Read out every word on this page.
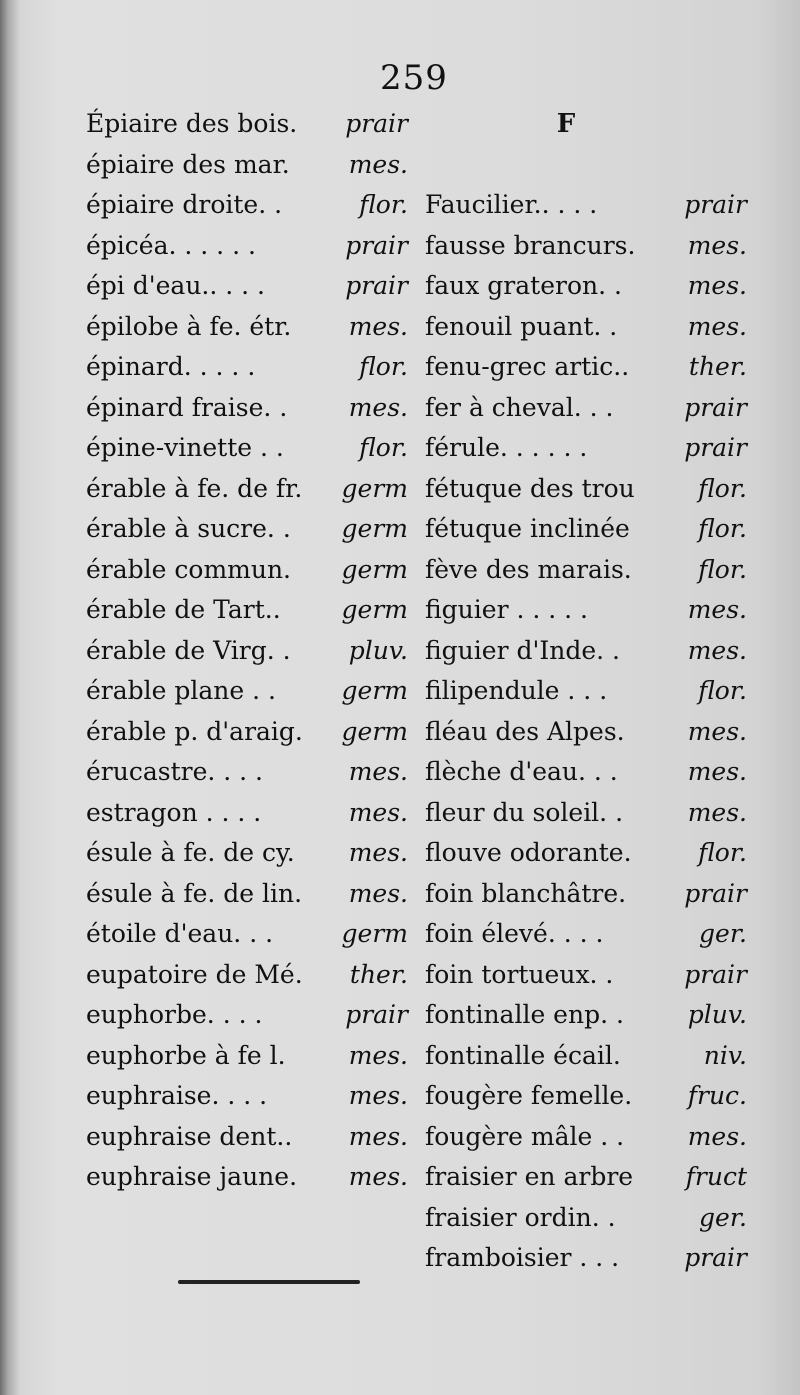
259
Épiaire des bois. prair
épiaire des mar. mes.
épiaire droite. .	flor.
épicéa. . . . . .	prair
épi d'eau.. . . .	prair
épilobe à fe. étr. mes.
épinard. . . . .	flor.
épinard fraise. . mes.
épine-vinette . .	flor.
érable à fe. de fr. germ
érable à sucre. . germ
érable commun. germ
érable de Tart.. germ
érable de Virg. . pluv.
érable plane . .	germ
érable p. d'araig. germ
érucastre. . . .	mes.
estragon . . . .	mes.
ésule à fe. de cy. mes.
ésule à fe. de lin. mes.
étoile d'eau. . .	germ
eupatoire de Mé. ther.
euphorbe. . . .	prair
euphorbe à fe l.	mes.
euphraise. . . .	mes.
euphraise dent.. mes.
euphraise jaune. mes.
F
Faucilier.. . . .	prair
fausse brancurs. mes.
faux grateron. .	mes.
fenouil puant. .	mes.
fenu-grec artic.. ther.
fer à cheval. . .	prair
férule. . . . . .	prair
fétuque des trou	flor.
fétuque inclinée	flor.
fève des marais.	flor.
figuier . . . . .	mes.
figuier d'Inde. .	mes.
filipendule . . .	flor.
fléau des Alpes.	mes.
flèche d'eau. . .	mes.
fleur du soleil. .	mes.
flouve odorante.	flor.
foin blanchâtre. prair
foin élevé. . . .	ger.
foin tortueux. .	prair
fontinalle enp. .	pluv.
fontinalle écail.	niv.
fougère femelle. fruc.
fougère mâle . .	mes.
fraisier en arbre fruct
fraisier ordin. .	ger.
framboisier . . .	prair
